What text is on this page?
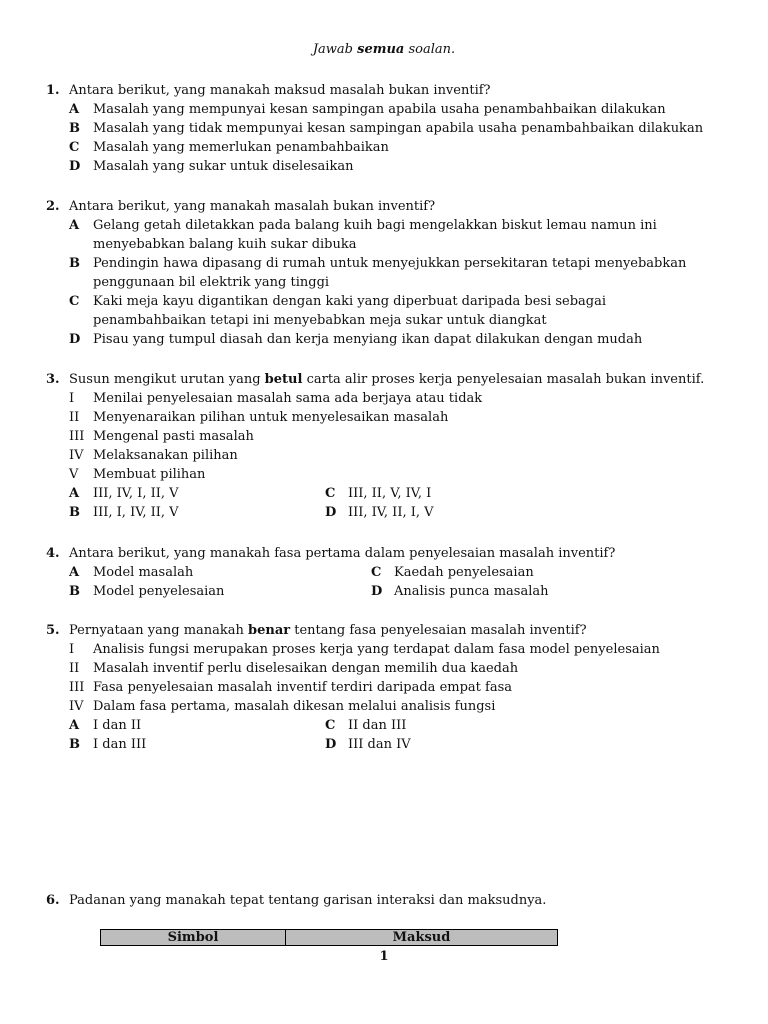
Jawab semua soalan.
1. Antara berikut, yang manakah maksud masalah bukan inventif?
A Masalah yang mempunyai kesan sampingan apabila usaha penambahbaikan dilakukan
B Masalah yang tidak mempunyai kesan sampingan apabila usaha penambahbaikan dilakukan
C Masalah yang memerlukan penambahbaikan
D Masalah yang sukar untuk diselesaikan
2. Antara berikut, yang manakah masalah bukan inventif?
A Gelang getah diletakkan pada balang kuih bagi mengelakkan biskut lemau namun ini
menyebabkan balang kuih sukar dibuka
B Pendingin hawa dipasang di rumah untuk menyejukkan persekitaran tetapi menyebabkan
penggunaan bil elektrik yang tinggi
C Kaki meja kayu digantikan dengan kaki yang diperbuat daripada besi sebagai
penambahbaikan tetapi ini menyebabkan meja sukar untuk diangkat
D Pisau yang tumpul diasah dan kerja menyiang ikan dapat dilakukan dengan mudah
3. Susun mengikut urutan yang betul carta alir proses kerja penyelesaian masalah bukan inventif.
I Menilai penyelesaian masalah sama ada berjaya atau tidak
II Menyenaraikan pilihan untuk menyelesaikan masalah
III Mengenal pasti masalah
IV Melaksanakan pilihan
V Membuat pilihan
A III, IV, I, II, V	C III, II, V, IV, I
B III, I, IV, II, V	D III, IV, II, I, V
4. Antara berikut, yang manakah fasa pertama dalam penyelesaian masalah inventif?
A Model masalah	C Kaedah penyelesaian
B Model penyelesaian	D Analisis punca masalah
5. Pernyataan yang manakah benar tentang fasa penyelesaian masalah inventif?
I Analisis fungsi merupakan proses kerja yang terdapat dalam fasa model penyelesaian
II Masalah inventif perlu diselesaikan dengan memilih dua kaedah
III Fasa penyelesaian masalah inventif terdiri daripada empat fasa
IV Dalam fasa pertama, masalah dikesan melalui analisis fungsi
A I dan II	C II dan III
B I dan III	D III dan IV
6. Padanan yang manakah tepat tentang garisan interaksi dan maksudnya.
Simbol	Maksud
1
